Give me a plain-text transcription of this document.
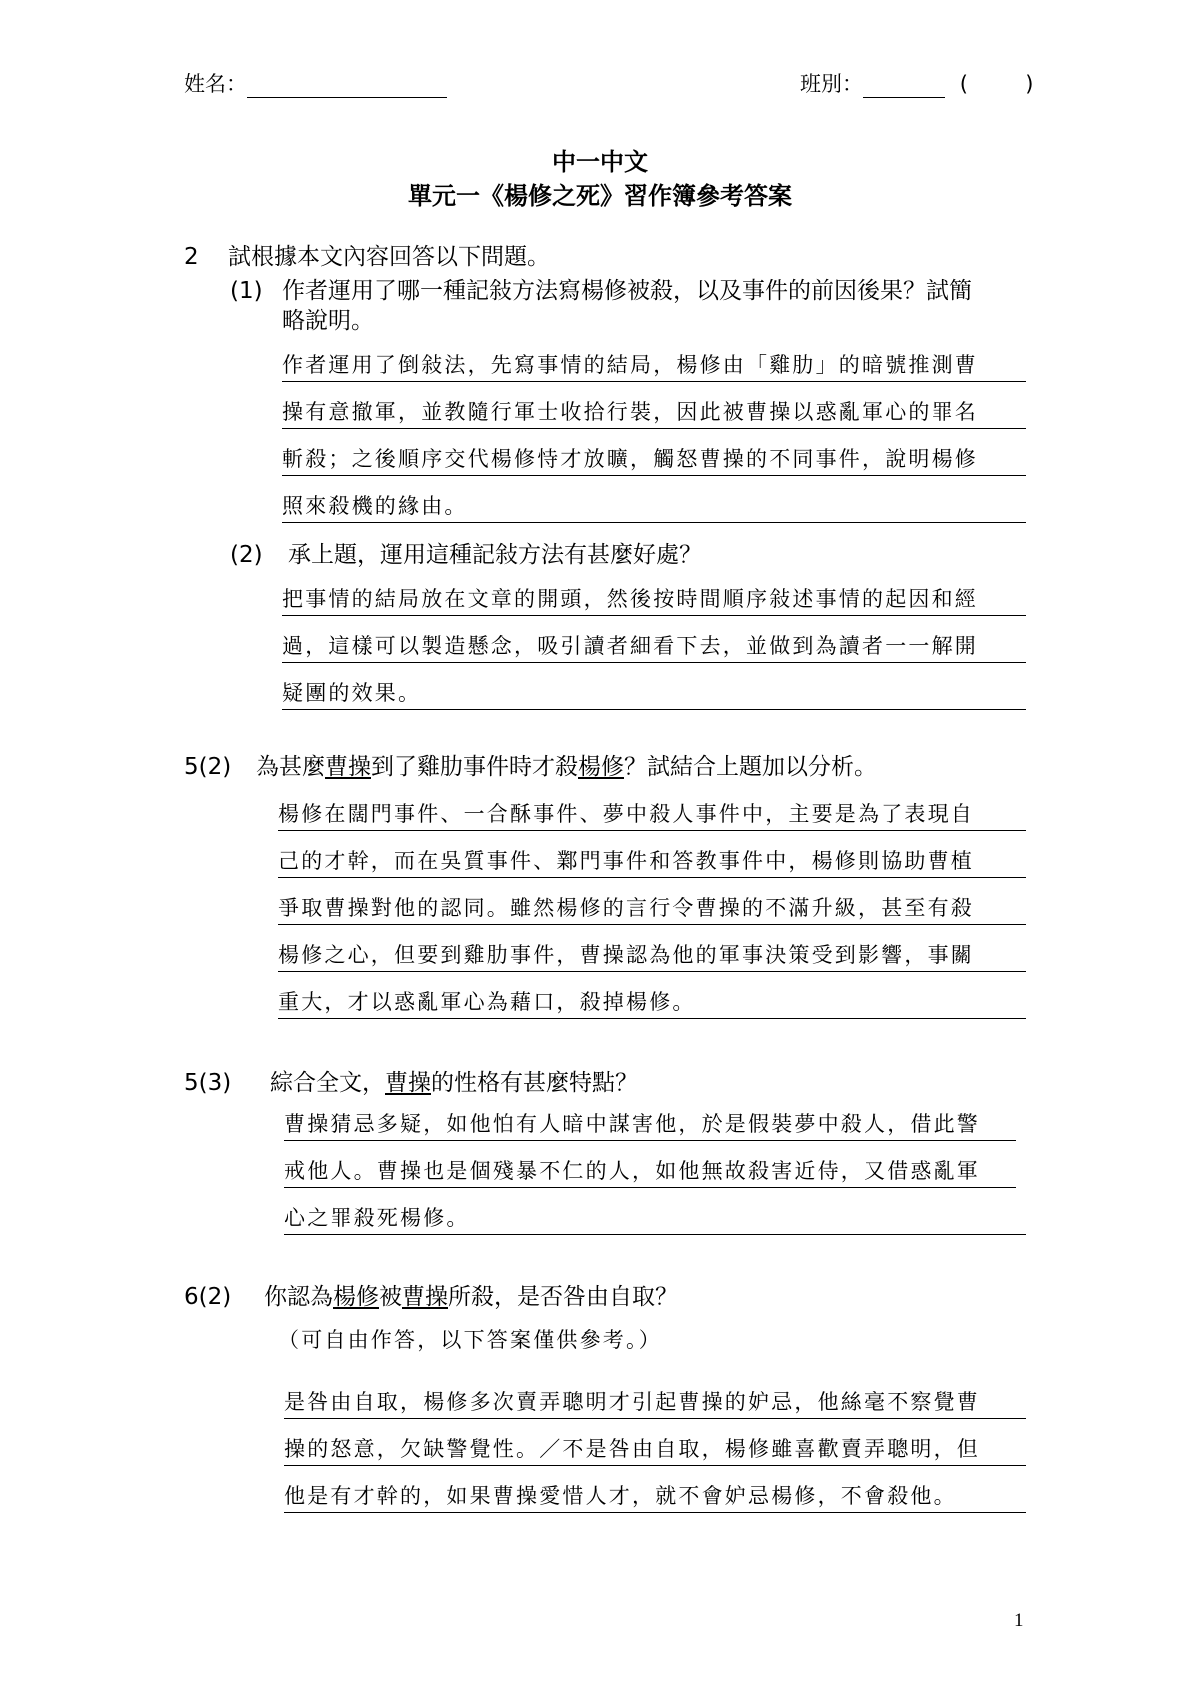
姓名：	班別：	(	)
中一中文
單元一《楊修之死》習作簿參考答案
2 試根據本文內容回答以下問題。
(1) 作者運用了哪一種記敍方法寫楊修被殺，以及事件的前因後果？試簡
略說明。
作者運用了倒敍法，先寫事情的結局，楊修由「雞肋」的暗號推測曹
操有意撤軍，並教隨行軍士收拾行裝，因此被曹操以惑亂軍心的罪名
斬殺；之後順序交代楊修恃才放曠，觸怒曹操的不同事件，說明楊修
照來殺機的緣由。
(2) 承上題，運用這種記敍方法有甚麼好處？
把事情的結局放在文章的開頭，然後按時間順序敍述事情的起因和經
過，這樣可以製造懸念，吸引讀者細看下去，並做到為讀者一一解開
疑團的效果。
5(2) 為甚麼曹操到了雞肋事件時才殺楊修？試結合上題加以分析。
楊修在闊門事件、一合酥事件、夢中殺人事件中，主要是為了表現自
己的才幹，而在吳質事件、鄴門事件和答教事件中，楊修則協助曹植
爭取曹操對他的認同。雖然楊修的言行令曹操的不滿升級，甚至有殺
楊修之心，但要到雞肋事件，曹操認為他的軍事決策受到影響，事關
重大，才以惑亂軍心為藉口，殺掉楊修。
5(3) 綜合全文，曹操的性格有甚麼特點？
曹操猜忌多疑，如他怕有人暗中謀害他，於是假裝夢中殺人，借此警
戒他人。曹操也是個殘暴不仁的人，如他無故殺害近侍，又借惑亂軍
心之罪殺死楊修。
6(2) 你認為楊修被曹操所殺，是否咎由自取？
（可自由作答，以下答案僅供參考。）
是咎由自取，楊修多次賣弄聰明才引起曹操的妒忌，他絲毫不察覺曹
操的怒意，欠缺警覺性。／不是咎由自取，楊修雖喜歡賣弄聰明，但
他是有才幹的，如果曹操愛惜人才，就不會妒忌楊修，不會殺他。
1
